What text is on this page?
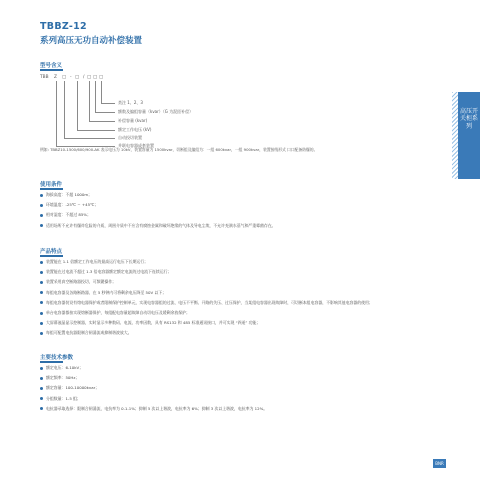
TBBZ-12
系列高压无功自动补偿装置
型号含义
TBB Z □ - □ / □ □ □
类注 1、2、3
额数及编组容量（kvar）（G 为混匝补偿）
补偿容量 (kvar)
额定工作电压 (kV)
自动投切装置
并联电容器成套装置
例如: TBBZ10-1500/600/900-AK 表示电压为 10kV，装置容量为 1500kvar，切断组及编组为：一组 600kvar，一组 900kvar，装置接线形式 口口配备防爆的。
使用条件
海拔高度：不超 1000m；
环境温度：-25℃ ~ +45℃；
相对湿度：不超过 85%；
适用场所不允许有爆炸危险的介质，周围介质中不应含有腐蚀金属和破坏绝缘的气体及导电尘埃，不允许充满水蒸气和严重霉菌存在。
产品特点
装置能在 1.1 倍额定工作电压的最高运行电压下长期运行；
装置能在过电流不超过 1.3 倍电容器额定额定电流的过电流下连续运行；
装置采用真空断路器投切，可频繁操作；
每组电容器及各路断路器、在 5 秒钟内可将剩余电压降至 50V 以下；
每组电容器装设有熔电器保护或者限制保护控制单元，实现电容器组的过流、电压不平衡、开路的失压、过压保护，当某组电容器出现故障时，可切断本组电容器，不影响其他电容器的使用；
单台电容器都按实现熔断器保护，每组配电容量超故障自动切电压及缓剩余放保护；
大屏幕液晶显示控制器，实时显示多种数码、电流、功率因数，具有 RS132 和 485 标准通讯接口，并可实现 “四遥” 功能；
每组可配置电抗器限制合闸涌流或抑制谐波放大。
主要技术参数
额定电压：6-10kV；
额定频率：50Hz；
额定容量：100-10000kvar；
分组数量：1-5 组；
电抗器录取选择：限制合闸涌流，电抗率为 0.1-1%；抑制 5 次以上谐波，电抗率为 6%；抑制 3 次以上谐波，电抗率为 12%。
高压开关柜系列
BNR
